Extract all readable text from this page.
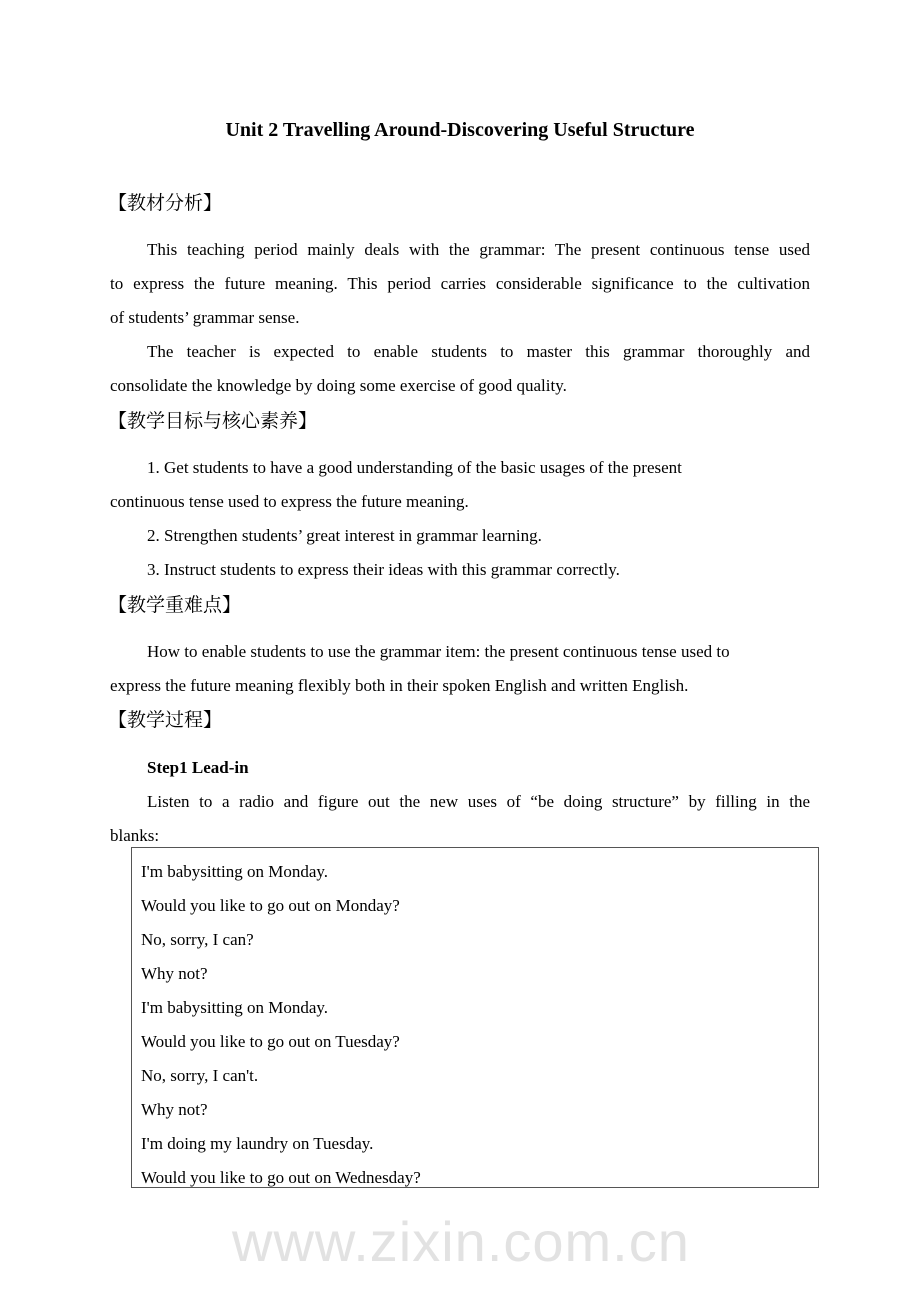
Unit 2 Travelling Around-Discovering Useful Structure
【教材分析】
This teaching period mainly deals with the grammar: The present continuous tense used
to express the future meaning. This period carries considerable significance to the cultivation
of students’ grammar sense.
The teacher is expected to enable students to master this grammar thoroughly and
consolidate the knowledge by doing some exercise of good quality.
【教学目标与核心素养】
1. Get students to have a good understanding of the basic usages of the present
continuous tense used to express the future meaning.
2. Strengthen students’ great interest in grammar learning.
3. Instruct students to express their ideas with this grammar correctly.
【教学重难点】
How to enable students to use the grammar item: the present continuous tense used to
express the future meaning flexibly both in their spoken English and written English.
【教学过程】
Step1 Lead-in
Listen to a radio and figure out the new uses of “be doing structure” by filling in the
blanks:
I'm babysitting on Monday.
Would you like to go out on Monday?
No, sorry, I can?
Why not?
I'm babysitting on Monday.
Would you like to go out on Tuesday?
No, sorry, I can't.
Why not?
I'm doing my laundry on Tuesday.
Would you like to go out on Wednesday?
www.zixin.com.cn
